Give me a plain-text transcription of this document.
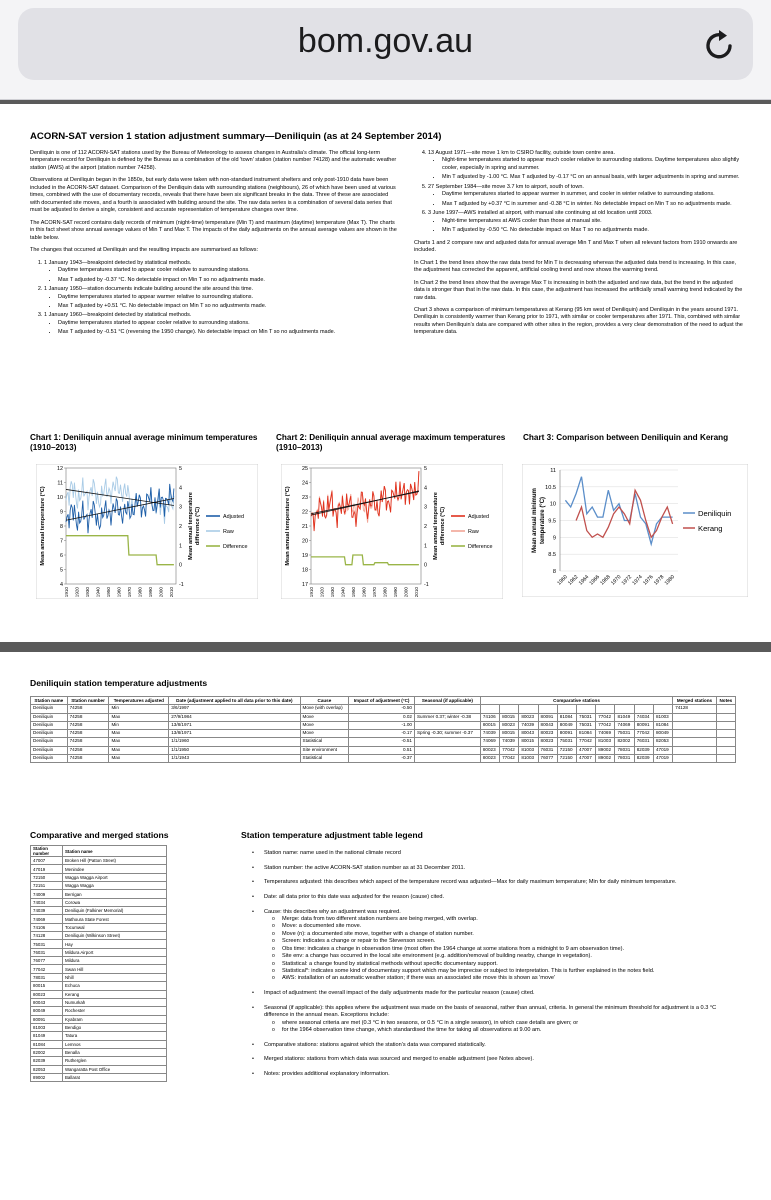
bom.gov.au
ACORN-SAT version 1 station adjustment summary—Deniliquin (as at 24 September 2014)

Deniliquin is one of 112 ACORN-SAT stations used by the Bureau of Meteorology to assess changes in Australia’s climate. The official long-term temperature record for Deniliquin is defined by the Bureau as a combination of the old 'town' station (station number 74128) and the automatic weather station (AWS) at the airport (station number 74258).

Observations at Deniliquin began in the 1850s, but early data were taken with non-standard instrument shelters and only post-1910 data have been included in the ACORN-SAT dataset. Comparison of the Deniliquin data with surrounding stations (neighbours), 26 of which have been used at various times, combined with the use of documentary records, reveals that there have been six significant breaks in the data. Three of these are associated with documented site moves, and a fourth is associated with building around the site. The raw data series is a combination of several data series that must be adjusted to derive a single, consistent and accurate representation of temperature changes over time.

The ACORN-SAT record contains daily records of minimum (night-time) temperature (Min T) and maximum (daytime) temperature (Max T). The charts in this fact sheet show annual average values of Min T and Max T. The impacts of the daily adjustments on the annual average values are shown in the table below.

The changes that occurred at Deniliquin and the resulting impacts are summarised as follows:

1. 1 January 1943—breakpoint detected by statistical methods.
• Daytime temperatures started to appear cooler relative to surrounding stations.
• Max T adjusted by -0.37 °C. No detectable impact on Min T so no adjustments made.
2. 1 January 1950—station documents indicate building around the site around this time.
• Daytime temperatures started to appear warmer relative to surrounding stations.
• Max T adjusted by +0.51 °C. No detectable impact on Min T so no adjustments made.
3. 1 January 1960—breakpoint detected by statistical methods.
• Daytime temperatures started to appear cooler relative to surrounding stations.
• Max T adjusted by -0.51 °C (reversing the 1950 change). No detectable impact on Min T so no adjustments made.
4. 13 August 1971—site move 1 km to CSIRO facility, outside town centre area.
• Night-time temperatures started to appear much cooler relative to surrounding stations. Daytime temperatures also slightly cooler, especially in spring and summer.
• Min T adjusted by -1.00 °C. Max T adjusted by -0.17 °C on an annual basis, with larger adjustments in spring and summer.
5. 27 September 1984—site move 3.7 km to airport, south of town.
• Daytime temperatures started to appear warmer in summer, and cooler in winter relative to surrounding stations.
• Max T adjusted by +0.37 °C in summer and -0.38 °C in winter. No detectable impact on Min T so no adjustments made.
6. 3 June 1997—AWS installed at airport, with manual site continuing at old location until 2003.
• Night-time temperatures at AWS cooler than those at manual site.
• Min T adjusted by -0.50 °C. No detectable impact on Max T so no adjustments made.

Charts 1 and 2 compare raw and adjusted data for annual average Min T and Max T when all relevant factors from 1910 onwards are included.

In Chart 1 the trend lines show the raw data trend for Min T is decreasing whereas the adjusted data trend is increasing. In this case, the adjustment has corrected the apparent, artificial cooling trend and now shows the warming trend.

In Chart 2 the trend lines show that the average Max T is increasing in both the adjusted and raw data, but the trend in the adjusted data is stronger than that in the raw data. In this case, the adjustment has increased the artificially small warming trend indicated by the raw data.

Chart 3 shows a comparison of minimum temperatures at Kerang (95 km west of Deniliquin) and Deniliquin in the years around 1971. Deniliquin is consistently warmer than Kerang prior to 1971, with similar or cooler temperatures after 1971. This, combined with similar results when Deniliquin’s data are compared with other sites in the region, provides a very clear demonstration of the need to adjust the temperature data.

Chart 1: Deniliquin annual average minimum temperatures (1910–2013)
Chart 2: Deniliquin annual average maximum temperatures (1910–2013)
Chart 3: Comparison between Deniliquin and Kerang
4
5
6
7
8
9
10
11
12
-1
0
1
2
3
4
5
1910 1920 1930 1940 1950 1960 1970 1980 1990 2000 2010
Mean annual temperature (°C)	Mean annual temperature difference (°C)	Adjusted
Raw
Difference
17
18
19
20
21
22
23
24
25
-1
0
1
2
3
4
5
1910 1920 1930 1940 1950 1960 1970 1980 1990 2000 2010
Mean annual temperature (°C)	Mean annual temperature difference (°C)	Adjusted
Raw
Difference
8
8.5
9
9.5
10
10.5
11
1960
1962
1964
1966
1968
1970
1972
1974
1976
1978
1980
Mean annual minimum temperature (°C)	Deniliquin
Kerang
Deniliquin station temperature adjustments
Station name	Station number	Temperatures adjusted	Date (adjustment applied to all data prior to this date)	Cause	Impact of adjustment (°C)	Seasonal (if applicable)	Comparative stations										Merged stations	Notes
Deniliquin	74258	Min	3/6/1997	Move (with overlap)	-0.50												74128	
Deniliquin	74258	Max	27/9/1984	Move	0.02	Summer 0.37; winter -0.38	74106	80015	80023	80091	81084	75031	77042	81049	74034	81003		
Deniliquin	74258	Min	13/8/1971	Move	-1.00		80015	80023	74039	80043	80049	75031	77042	74069	80091	81084		
Deniliquin	74258	Max	13/8/1971	Move	-0.17	Spring -0.30; summer -0.37	74039	80015	80043	80023	80091	81084	74069	75031	77042	80049		
Deniliquin	74258	Max	1/1/1960	Statistical	-0.51		74069	74039	80015	80023	75031	77042	81003	82002	76031	82053		
Deniliquin	74258	Max	1/1/1950	Site environment	0.51		80023	77042	81003	76031	72150	47007	89002	78031	82039	47019		
Deniliquin	74258	Max	1/1/1943	Statistical	-0.37		80023	77042	81003	76077	72150	47007	89002	78031	82039	47019		
Comparative and merged stations
Station number	Station name
47007	Broken Hill (Patton Street)
47019	Menindee
72150	Wagga Wagga Airport
72151	Wagga Wagga
74009	Berrigan
74034	Corowa
74039	Deniliquin (Falkiner Memorial)
74069	Mathoura State Forest
74106	Tocumwal
74128	Deniliquin (Wilkinson Street)
75031	Hay
76031	Mildura Airport
76077	Mildura
77042	Swan Hill
78031	Nhill
80015	Echuca
80023	Kerang
80043	Numurkah
80049	Rochester
80091	Kyabram
81003	Bendigo
81049	Tatura
81084	Lemnos
82002	Benalla
82039	Rutherglen
82053	Wangaratta Post Office
89002	Ballarat
Station temperature adjustment table legend
• Station name: name used in the national climate record
• Station number: the active ACORN-SAT station number as at 31 December 2011.
• Temperatures adjusted: this describes which aspect of the temperature record was adjusted—Max for daily maximum temperature; Min for daily minimum temperature.
• Date: all data prior to this date was adjusted for the reason (cause) cited.
• Cause: this describes why an adjustment was required.
o Merge: data from two different station numbers are being merged, with overlap.
o Move: a documented site move.
o Move (n): a documented site move, together with a change of station number.
o Screen: indicates a change or repair to the Stevenson screen.
o Obs time: indicates a change in observation time (most often the 1964 change at some stations from a midnight to 9 am observation time).
o Site env: a change has occurred in the local site environment (e.g. addition/removal of building nearby, change in vegetation).
o Statistical: a change found by statistical methods without specific documentary support.
o Statistical*: indicates some kind of documentary support which may be imprecise or subject to interpretation. This is further explained in the notes field.
o AWS: installation of an automatic weather station; if there was an associated site move this is shown as 'move'
• Impact of adjustment: the overall impact of the daily adjustments made for the particular reason (cause) cited.
• Seasonal (if applicable): this applies where the adjustment was made on the basis of seasonal, rather than annual, criteria. In general the minimum threshold for adjustment is a 0.3 °C difference in the annual mean. Exceptions include:
o where seasonal criteria are met (0.3 °C in two seasons, or 0.5 °C in a single season), in which case details are given; or
o for the 1964 observation time change, which standardised the time for taking all observations at 9.00 am.
• Comparative stations: stations against which the station’s data was compared statistically.
• Merged stations: stations from which data was sourced and merged to enable adjustment (see Notes above).
• Notes: provides additional explanatory information.
